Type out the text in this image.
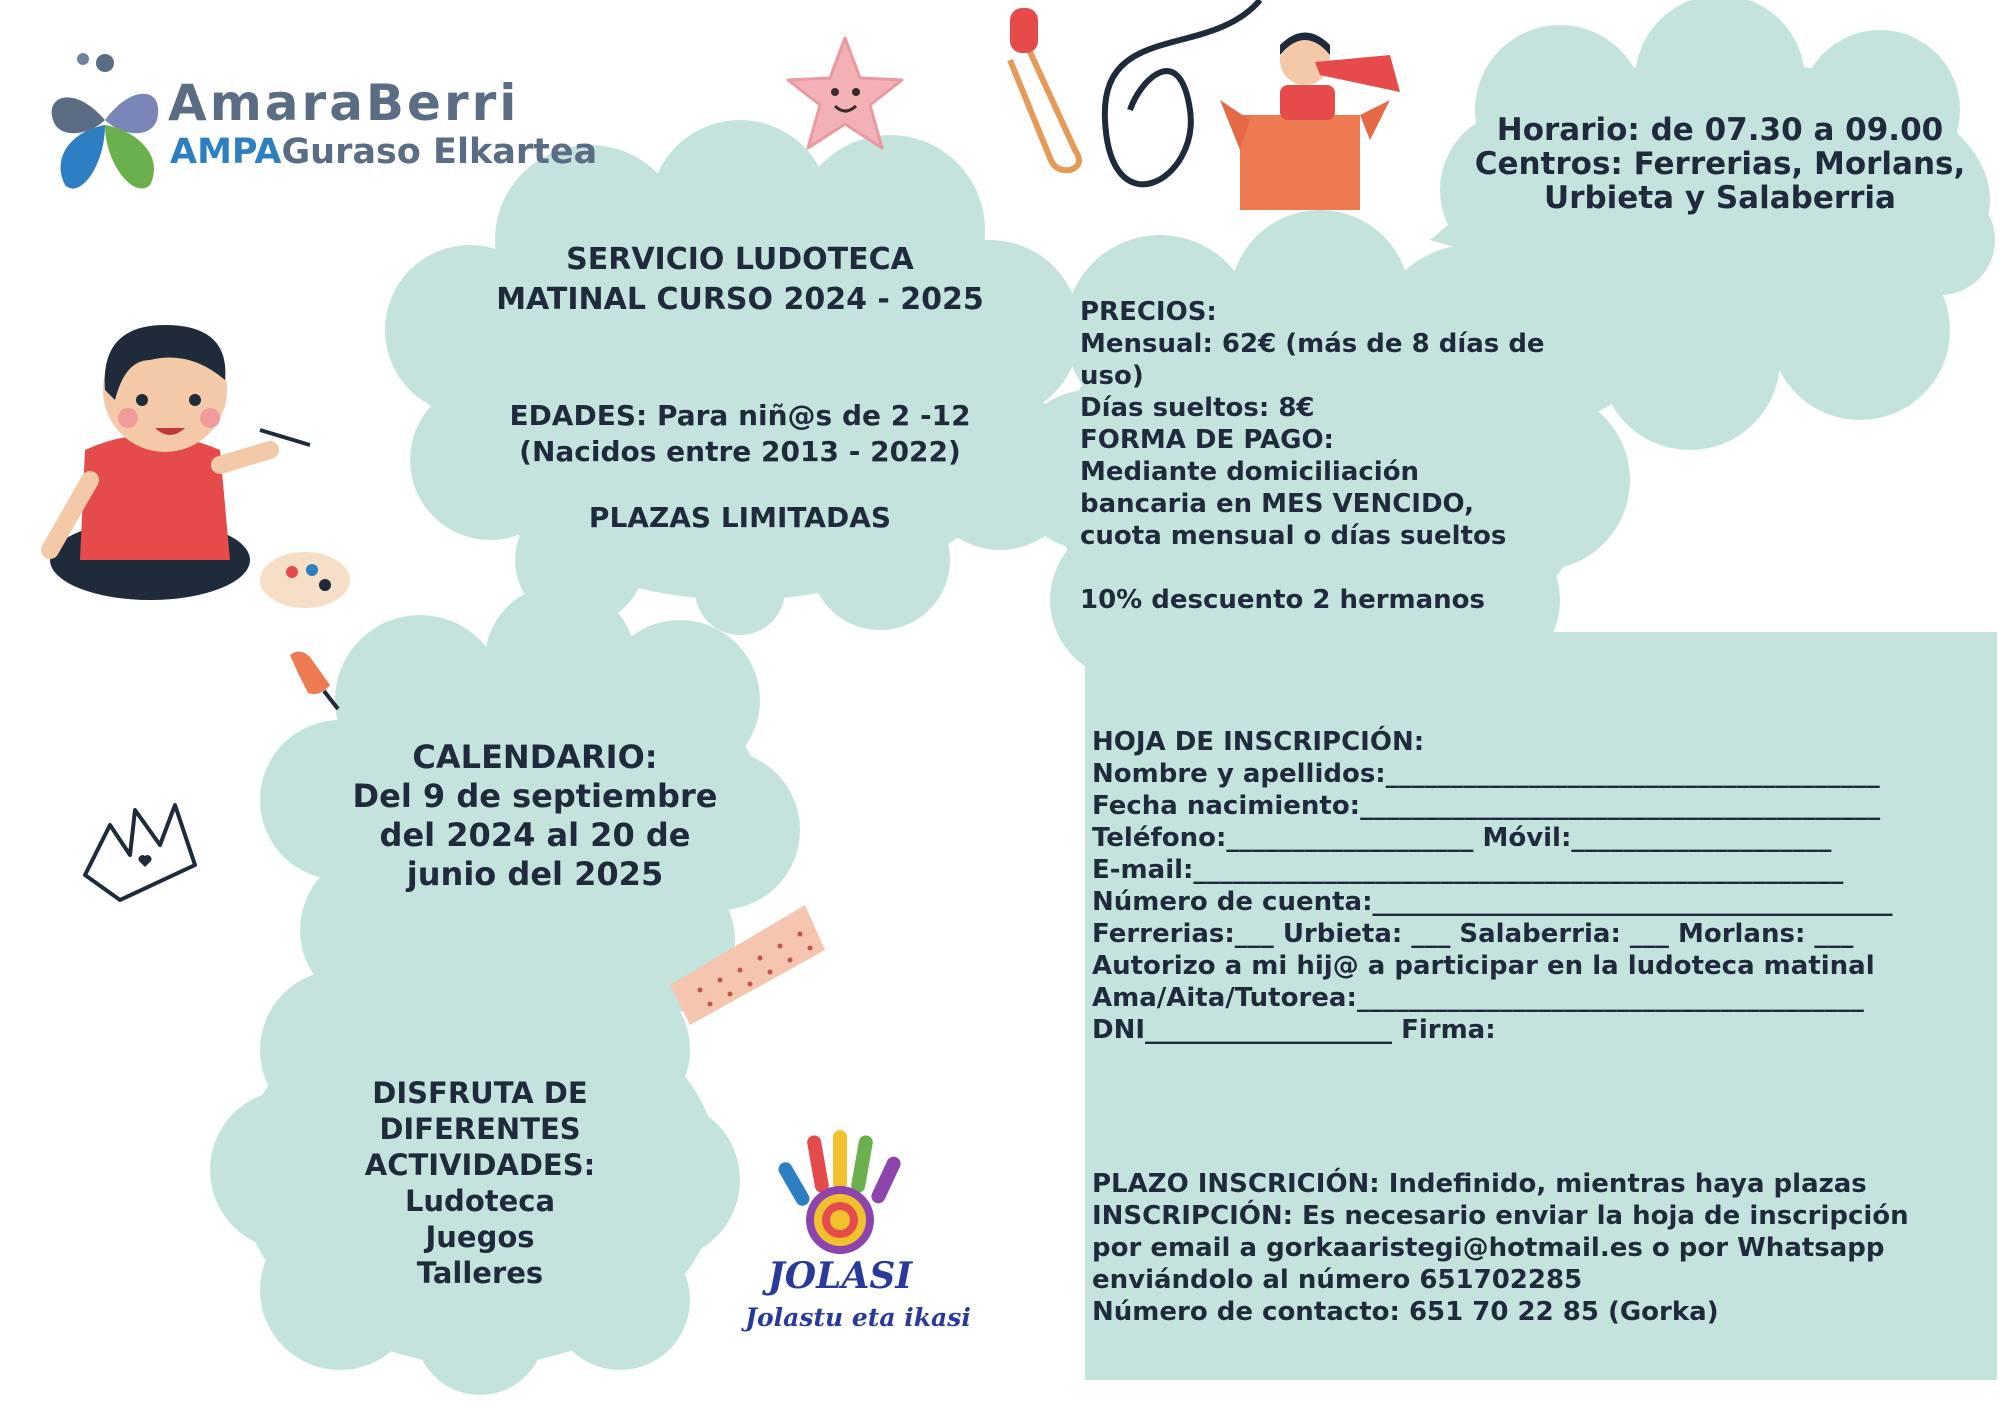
AmaraBerri
AMPAGuraso Elkartea
JOLASI
Jolastu eta ikasi
SERVICIO LUDOTECA
MATINAL CURSO 2024 - 2025
EDADES: Para niñ@s de 2 -12
(Nacidos entre 2013 - 2022)
PLAZAS LIMITADAS
Horario: de 07.30 a 09.00
Centros: Ferrerias, Morlans,
Urbieta y Salaberria
PRECIOS:
Mensual: 62€ (más de 8 días de
uso)
Días sueltos: 8€
FORMA DE PAGO:
Mediante domiciliación
bancaria en MES VENCIDO,
cuota mensual o días sueltos
10% descuento 2 hermanos
CALENDARIO:
Del 9 de septiembre
del 2024 al 20 de
junio del 2025
DISFRUTA DE
DIFERENTES
ACTIVIDADES:
Ludoteca
Juegos
Talleres
HOJA DE INSCRIPCIÓN:
Nombre y apellidos:______________________________________
Fecha nacimiento:________________________________________
Teléfono:___________________ Móvil:____________________
E-mail:__________________________________________________
Número de cuenta:________________________________________
Ferrerias:___ Urbieta: ___ Salaberria: ___ Morlans: ___
Autorizo a mi hij@ a participar en la ludoteca matinal
Ama/Aita/Tutorea:_______________________________________
DNI___________________ Firma:
PLAZO INSCRICIÓN: Indefinido, mientras haya plazas
INSCRIPCIÓN: Es necesario enviar la hoja de inscripción
por email a gorkaaristegi@hotmail.es o por Whatsapp
enviándolo al número 651702285
Número de contacto: 651 70 22 85 (Gorka)
